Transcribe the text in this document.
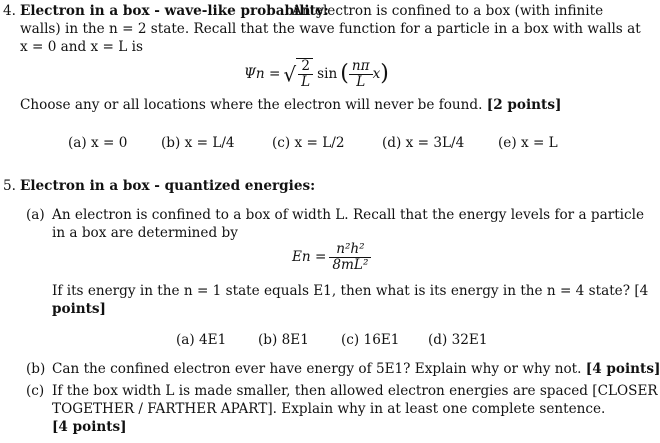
4. Electron in a box - wave-like probability:
An electron is confined to a box (with infinite
walls) in the n = 2 state. Recall that the wave function for a particle in a box with walls at
x = 0 and x = L is
Ψn = √ $\frac{2}{L}$ sin ( $\frac{n\pi}{L}$ x )
Choose any or all locations where the electron will never be found. [2 points]
(a) x = 0 (b) x = L/4	(c) x = L/2	(d) x = 3L/4 (e) x = L
5. Electron in a box - quantized energies:
(a) An electron is confined to a box of width L. Recall that the energy levels for a particle
in a box are determined by
$En = \frac{\text{n²h²}}{\text{8mL²}}$
If its energy in the n = 1 state equals E1, then what is its energy in the n = 4 state? [4
points]
(a) 4E1 (b) 8E1 (c) 16E1 (d) 32E1
(b) Can the confined electron ever have energy of 5E1? Explain why or why not. [4 points]
(c) If the box width L is made smaller, then allowed electron energies are spaced [CLOSER
TOGETHER / FARTHER APART]. Explain why in at least one complete sentence.
[4 points]
